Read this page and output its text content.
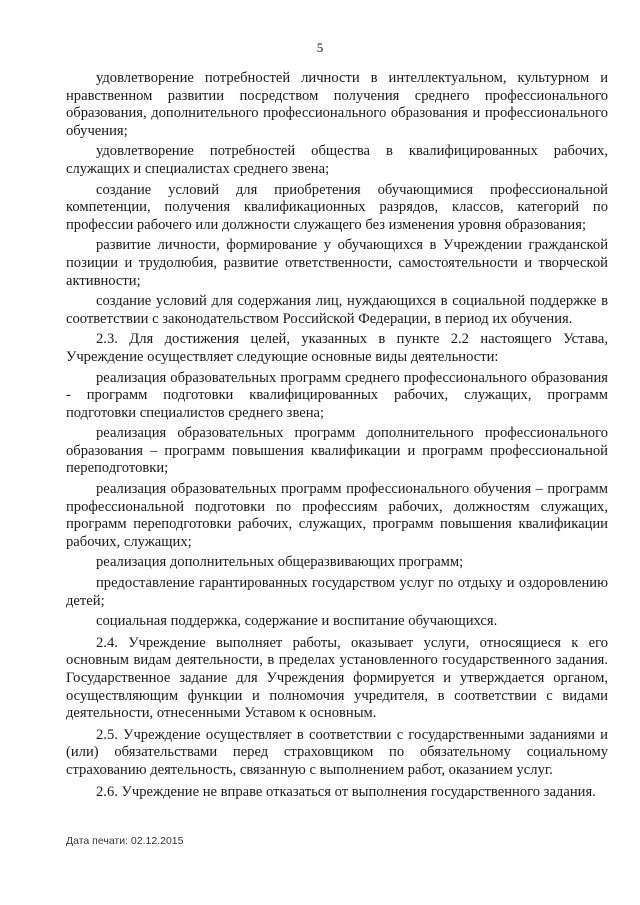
5

удовлетворение потребностей личности в интеллектуальном, культурном и нравственном развитии посредством получения среднего профессионального образования, дополнительного профессионального образования и профессионального обучения;

удовлетворение потребностей общества в квалифицированных рабочих, служащих и специалистах среднего звена;

создание условий для приобретения обучающимися профессиональной компетенции, получения квалификационных разрядов, классов, категорий по профессии рабочего или должности служащего без изменения уровня образования;

развитие личности, формирование у обучающихся в Учреждении гражданской позиции и трудолюбия, развитие ответственности, самостоятельности и творческой активности;

создание условий для содержания лиц, нуждающихся в социальной поддержке в соответствии с законодательством Российской Федерации, в период их обучения.

2.3. Для достижения целей, указанных в пункте 2.2 настоящего Устава, Учреждение осуществляет следующие основные виды деятельности:

реализация образовательных программ среднего профессионального образования - программ подготовки квалифицированных рабочих, служащих, программ подготовки специалистов среднего звена;

реализация образовательных программ дополнительного профессионального образования – программ повышения квалификации и программ профессиональной переподготовки;

реализация образовательных программ профессионального обучения – программ профессиональной подготовки по профессиям рабочих, должностям служащих, программ переподготовки рабочих, служащих, программ повышения квалификации рабочих, служащих;

реализация дополнительных общеразвивающих программ;

предоставление гарантированных государством услуг по отдыху и оздоровлению детей;

социальная поддержка, содержание и воспитание обучающихся.

2.4. Учреждение выполняет работы, оказывает услуги, относящиеся к его основным видам деятельности, в пределах установленного государственного задания. Государственное задание для Учреждения формируется и утверждается органом, осуществляющим функции и полномочия учредителя, в соответствии с видами деятельности, отнесенными Уставом к основным.

2.5. Учреждение осуществляет в соответствии с государственными заданиями и (или) обязательствами перед страховщиком по обязательному социальному страхованию деятельность, связанную с выполнением работ, оказанием услуг.

2.6. Учреждение не вправе отказаться от выполнения государственного задания.

Дата печати: 02.12.2015
